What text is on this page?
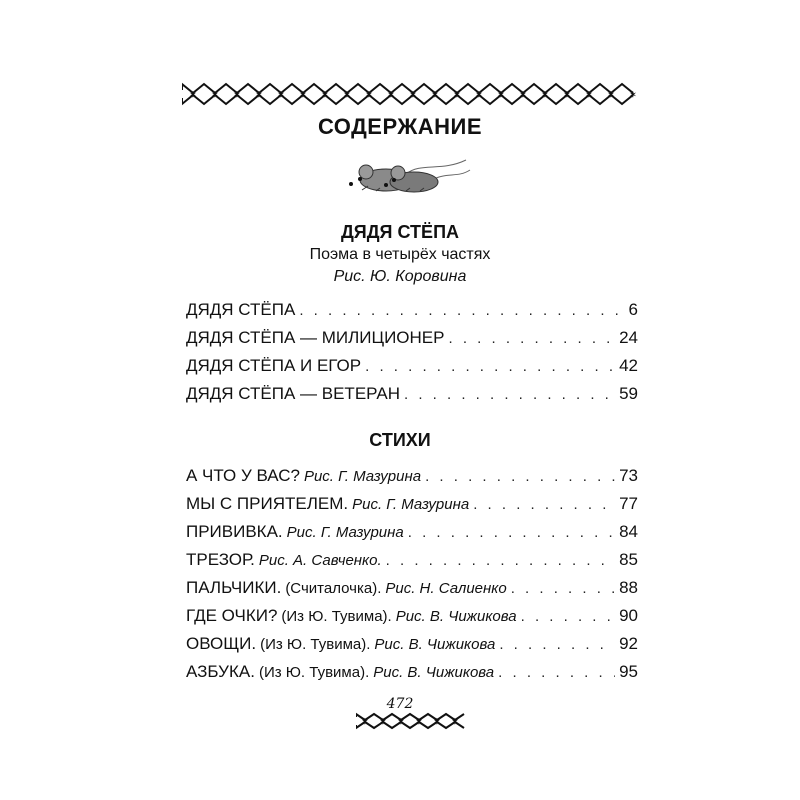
✶ ✶ ✶ ✶ ✶ ✶ ✶ ✶ ✶ ✶ ✶ ✶ ✶ ✶ ✶ ✶ ✶ ✶ ✶ ✶ ✶
СОДЕРЖАНИЕ
ДЯДЯ СТЁПА
Поэма в четырёх частях
Рис. Ю. Коровина
ДЯДЯ СТЁПА . . .	6
ДЯДЯ СТЁПА — МИЛИЦИОНЕР . . .	24
ДЯДЯ СТЁПА И ЕГОР . . .	42
ДЯДЯ СТЁПА — ВЕТЕРАН . . .	59
СТИХИ
А ЧТО У ВАС? Рис. Г. Мазурина . . .	73
МЫ С ПРИЯТЕЛЕМ. Рис. Г. Мазурина . . .	77
ПРИВИВКА. Рис. Г. Мазурина . . .	84
ТРЕЗОР. Рис. А. Савченко. . . .	85
ПАЛЬЧИКИ. (Считалочка). Рис. Н. Салиенко . . .	88
ГДЕ ОЧКИ? (Из Ю. Тувима). Рис. В. Чижикова . . .	90
ОВОЩИ. (Из Ю. Тувима). Рис. В. Чижикова . . .	92
АЗБУКА. (Из Ю. Тувима). Рис. В. Чижикова . . .	95
472
✶ ✶ ✶ ✶ ✶ ✶
